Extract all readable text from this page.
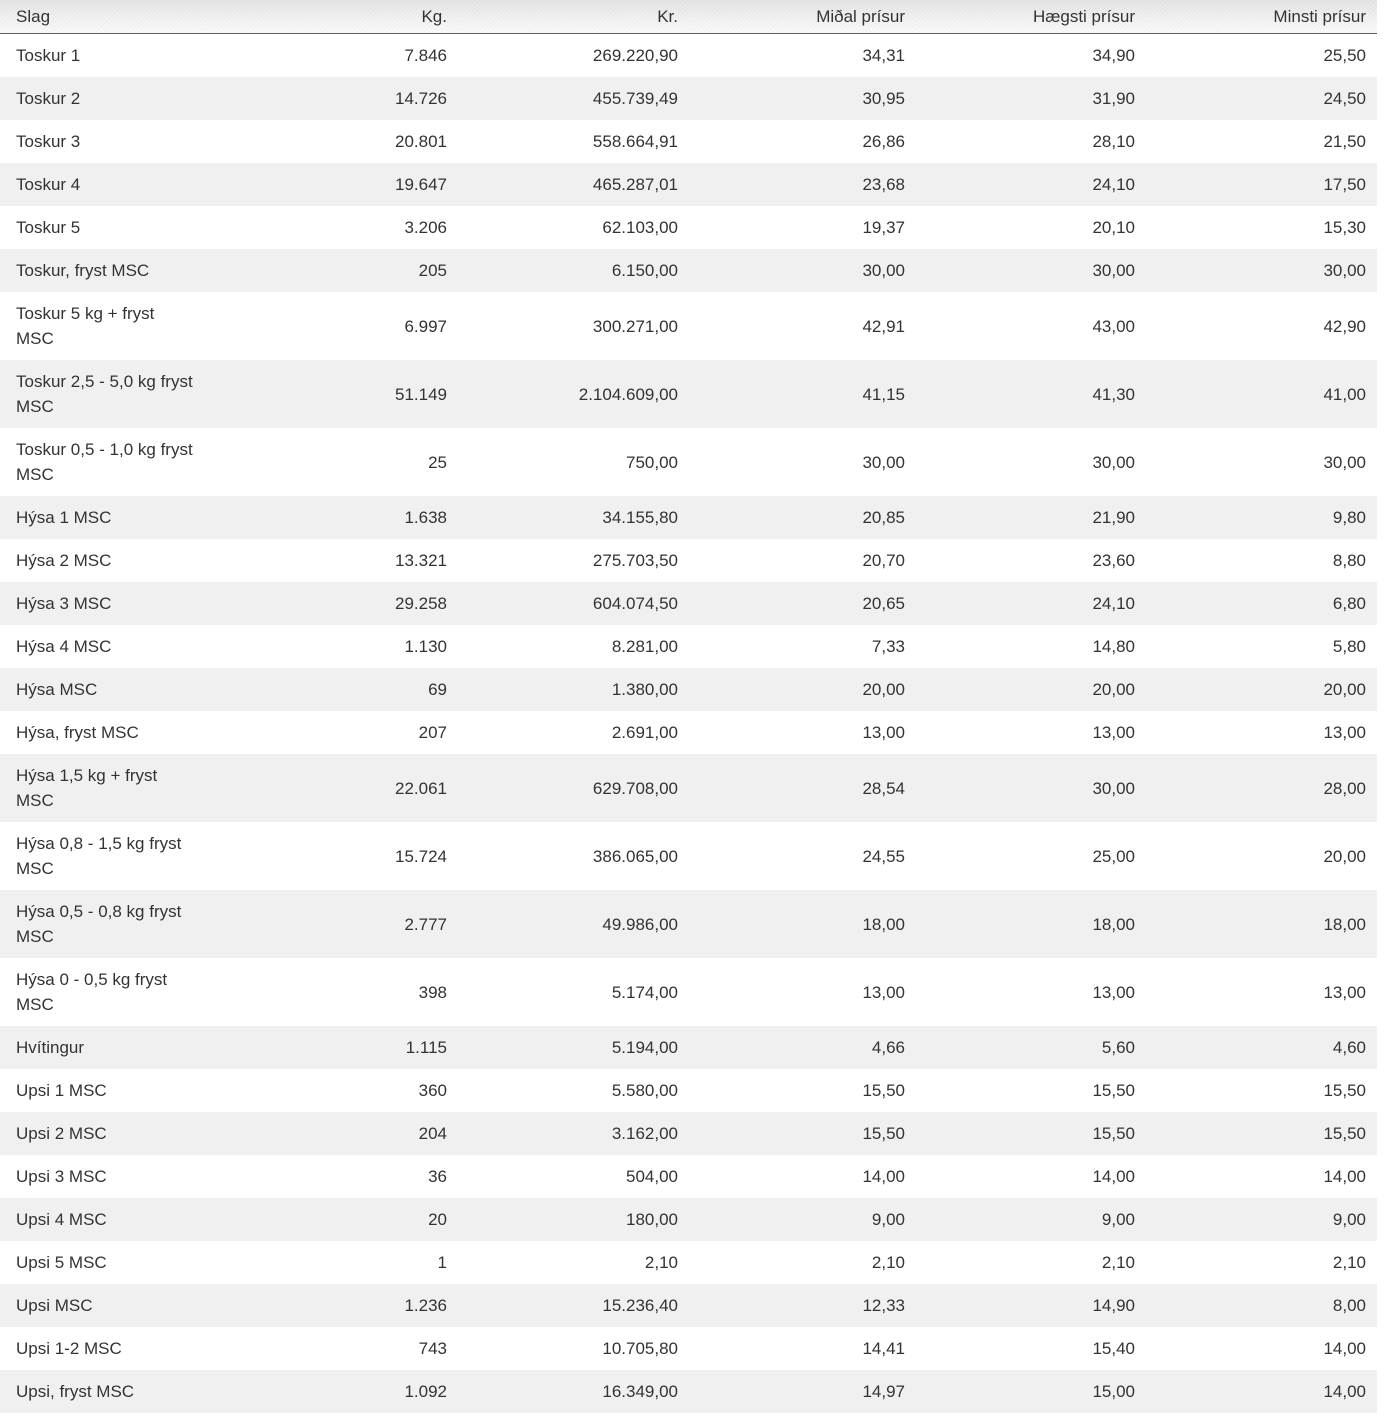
Slag	Kg.	Kr.	Miðal prísur	Hægsti prísur	Minsti prísur
Toskur 1	7.846	269.220,90	34,31	34,90	25,50
Toskur 2	14.726	455.739,49	30,95	31,90	24,50
Toskur 3	20.801	558.664,91	26,86	28,10	21,50
Toskur 4	19.647	465.287,01	23,68	24,10	17,50
Toskur 5	3.206	62.103,00	19,37	20,10	15,30
Toskur, fryst MSC	205	6.150,00	30,00	30,00	30,00
Toskur 5 kg + fryst MSC	6.997	300.271,00	42,91	43,00	42,90
Toskur 2,5 - 5,0 kg fryst MSC	51.149	2.104.609,00	41,15	41,30	41,00
Toskur 0,5 - 1,0 kg fryst MSC	25	750,00	30,00	30,00	30,00
Hýsa 1 MSC	1.638	34.155,80	20,85	21,90	9,80
Hýsa 2 MSC	13.321	275.703,50	20,70	23,60	8,80
Hýsa 3 MSC	29.258	604.074,50	20,65	24,10	6,80
Hýsa 4 MSC	1.130	8.281,00	7,33	14,80	5,80
Hýsa MSC	69	1.380,00	20,00	20,00	20,00
Hýsa, fryst MSC	207	2.691,00	13,00	13,00	13,00
Hýsa 1,5 kg + fryst MSC	22.061	629.708,00	28,54	30,00	28,00
Hýsa 0,8 - 1,5 kg fryst MSC	15.724	386.065,00	24,55	25,00	20,00
Hýsa 0,5 - 0,8 kg fryst MSC	2.777	49.986,00	18,00	18,00	18,00
Hýsa 0 - 0,5 kg fryst MSC	398	5.174,00	13,00	13,00	13,00
Hvítingur	1.115	5.194,00	4,66	5,60	4,60
Upsi 1 MSC	360	5.580,00	15,50	15,50	15,50
Upsi 2 MSC	204	3.162,00	15,50	15,50	15,50
Upsi 3 MSC	36	504,00	14,00	14,00	14,00
Upsi 4 MSC	20	180,00	9,00	9,00	9,00
Upsi 5 MSC	1	2,10	2,10	2,10	2,10
Upsi MSC	1.236	15.236,40	12,33	14,90	8,00
Upsi 1-2 MSC	743	10.705,80	14,41	15,40	14,00
Upsi, fryst MSC	1.092	16.349,00	14,97	15,00	14,00
